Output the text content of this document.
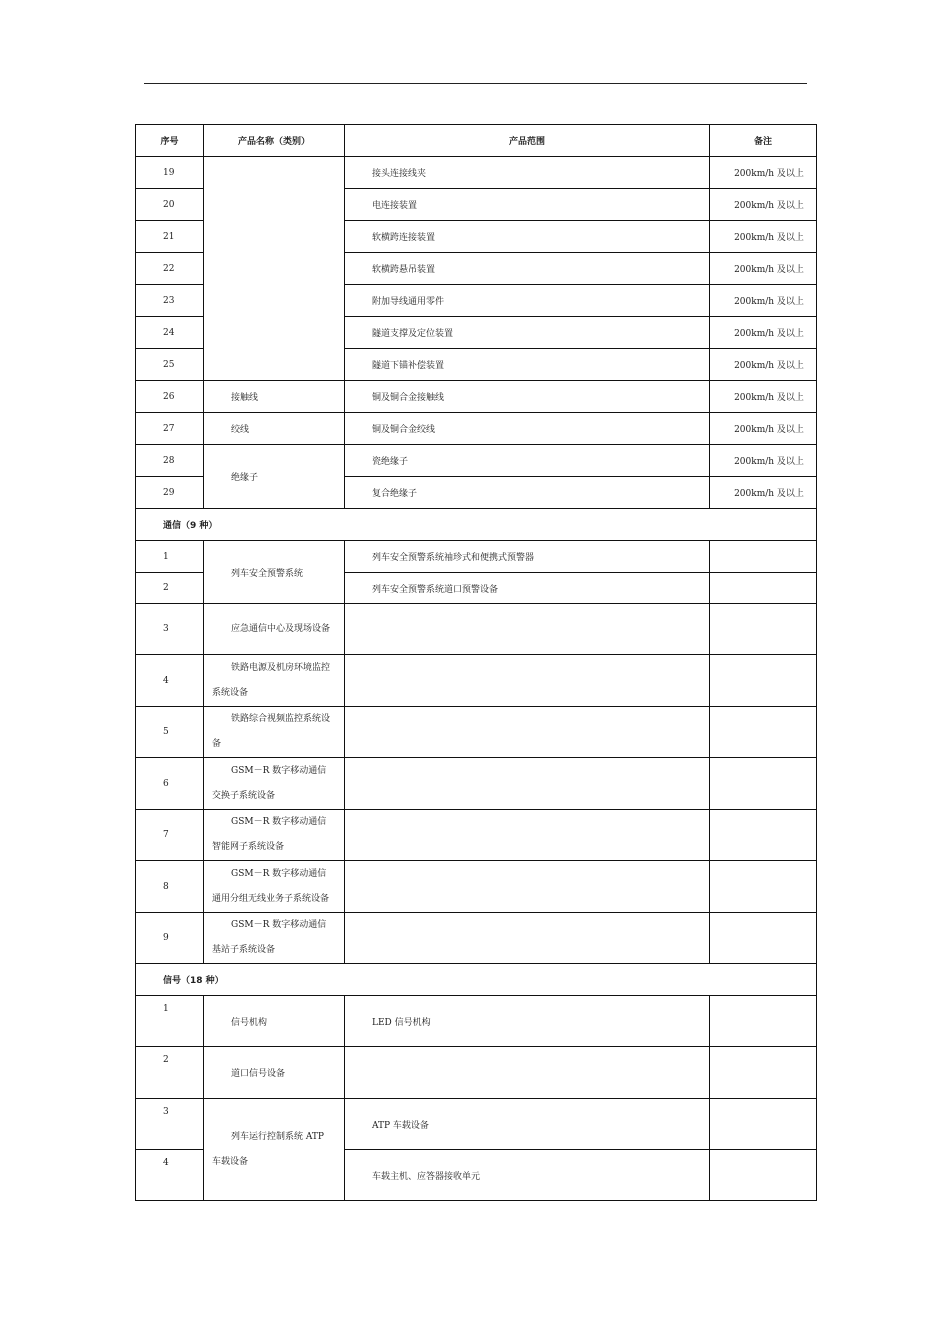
序号	产品名称（类别）	产品范围	备注
19		接头连接线夹	200km/h 及以上
20		电连接装置	200km/h 及以上
21		软横跨连接装置	200km/h 及以上
22		软横跨悬吊装置	200km/h 及以上
23		附加导线通用零件	200km/h 及以上
24		隧道支撑及定位装置	200km/h 及以上
25		隧道下锚补偿装置	200km/h 及以上
26	接触线	铜及铜合金接触线	200km/h 及以上
27	绞线	铜及铜合金绞线	200km/h 及以上
28	绝缘子	瓷绝缘子	200km/h 及以上
29		复合绝缘子	200km/h 及以上
通信（9 种）			
1	列车安全预警系统	列车安全预警系统袖珍式和便携式预警器	
2		列车安全预警系统道口预警设备	
3	应急通信中心及现场设备		
4	铁路电源及机房环境监控系统设备		
5	铁路综合视频监控系统设备		
6	GSM－R 数字移动通信交换子系统设备		
7	GSM－R 数字移动通信智能网子系统设备		
8	GSM－R 数字移动通信通用分组无线业务子系统设备		
9	GSM－R 数字移动通信基站子系统设备		
信号（18 种）			
1	信号机构	LED 信号机构	
2	道口信号设备		
3	列车运行控制系统 ATP 车载设备	ATP 车载设备	
4		车载主机、应答器接收单元	
